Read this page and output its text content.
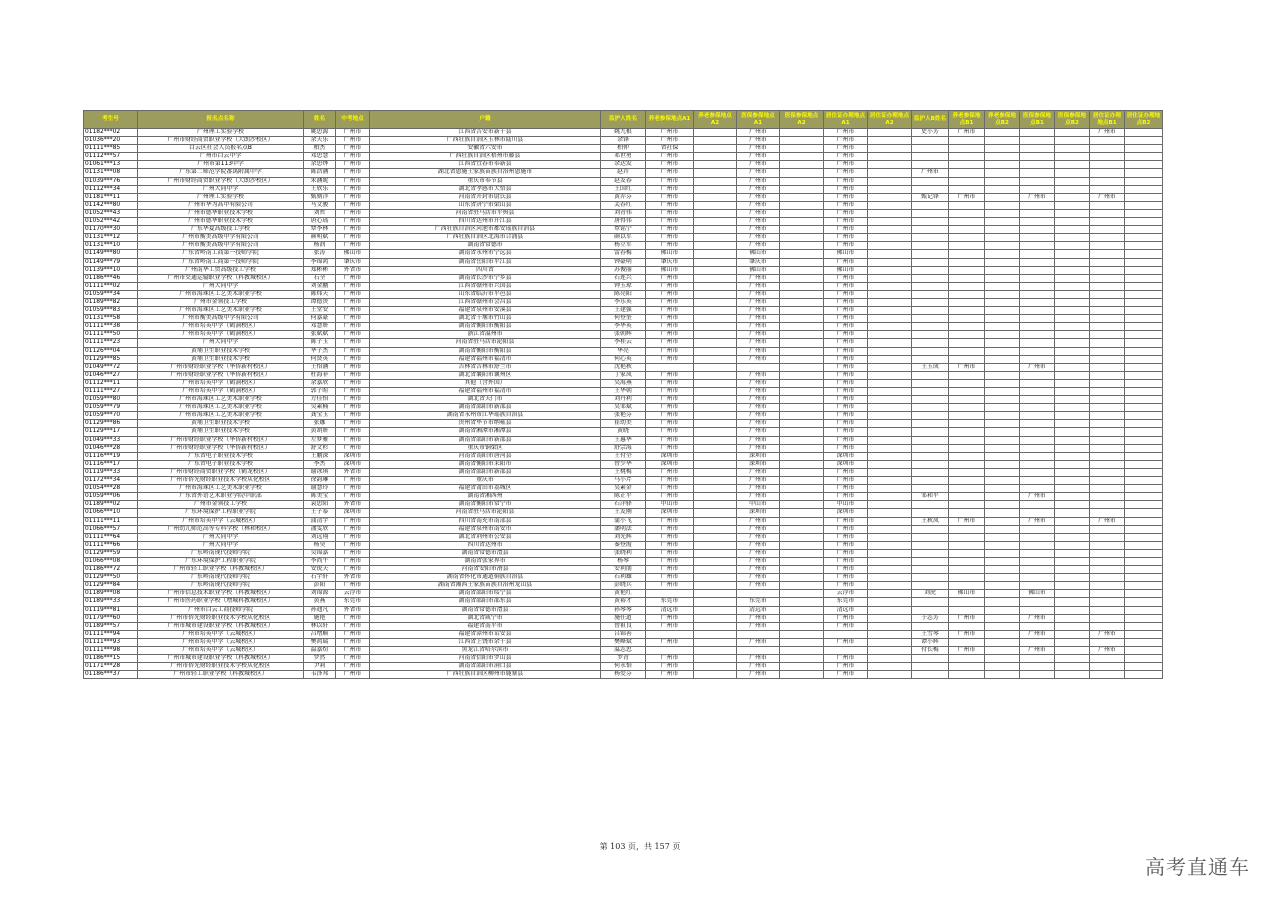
考生号	报名点名称	姓名	中考地点	户籍	监护人姓名	养老参保地点A1	养老参保地点A2	医保参保地点A1	医保参保地点A2	居住证办理地点A1	居住证办理地点A2	监护人B姓名	养老参保地点B1	养老参保地点B2	医保参保地点B1	医保参保地点B2	居住证办理地点B1	居住证办理地点B2
01182***02	广州理工实验学校	姚思源	广州市	江西省吉安市新干县	姚九根	广州市		广州市		广州市		史小芳	广州市				广州市	
01036***20	广州市财经商贸职业学校（大朗沙校区）	余天乐	广州市	广西壮族自治区玉林市陆川县	余锋	广州市		广州市		广州市								
01111***85	白云区社会人员报名点B	柏杰	广州市	安徽省六安市	柏仲	省社保		广州市		广州市								
01112***57	广州市白云中学	邓思慧	广州市	广西壮族自治区梧州市藤县	邓世勇	广州市		广州市		广州市								
01061***13	广州市第113中学	余思烨	广州市	江西省宜春市奉新县	余达发	广州市		广州市		广州市								
01131***08	广东第二师范学院番禺附属中学	陈浩涵	广州市	湖北省恩施土家族苗族自治州恩施市	赵卉	广州市		广州市		广州市		广州市						
01039***76	广州市财经商贸职业学校（大朗沙校区）	朱涵妮	广州市	重庆市奉节县	赵友春	广州市		广州市		广州市								
01112***34	广州大同中学	王欣乐	广州市	湖北省孝感市大悟县	王国红	广州市		广州市		广州市								
01181***11	广州理工实验学校	甄刻洋	广州市	河南省开封市尉氏县	黄乔芬	广州市		广州市		广州市		甄记锋	广州市		广州市		广州市	
01142***80	广州市华为高中有限公司	马文骏	广州市	山东省济宁市梁山县	关春红	广州市		广州市		广州市								
01052***43	广州市德华职业技术学校	刘哲	广州市	河南省驻马店市平舆县	刘青伟	广州市		广州市		广州市								
01052***42	广州市德华职业技术学校	唐心瑶	广州市	四川省达州市开江县	唐得伟	广州市		广州市		广州市								
01170***30	广东华夏高级技工学校	覃李林	广州市	广西壮族自治区河池市都安瑶族自治县	覃铭宁	广州市		广州市		广州市								
01131***12	广州市衡美高级中学有限公司	颜明斌	广州市	广西壮族自治区北海市合浦县	颜以军	广州市		广州市		广州市								
01131***10	广州市衡美高级中学有限公司	杨润	广州市	湖南省常德市	杨立军	广州市		广州市		广州市								
01149***80	广东省岭南工商第一技师学院	张涛	佛山市	湖南省永州市宁远县	雷春梅	佛山市		佛山市		佛山市								
01149***79	广东省岭南工商第一技师学院	李锦鸿	肇庆市	湖南省岳阳市平江县	钟豪明	肇庆市		肇庆市		广州市								
01139***10	广州南华工贸高级技工学校	郑彬彬	外省市	四川省	苏俊丽	佛山市		佛山市		佛山市								
01186***46	广州市交通运输职业学校（科教城校区）	石全	广州市	湖南省长沙市宁乡县	石连兴	广州市		广州市		广州市								
01111***02	广州大同中学	刘金鹏	广州市	江西省赣州市兴国县	钟玉琼	广州市		广州市		广州市								
01059***34	广州市海珠区工艺美术职业学校	陈炜天	广州市	山东省临沂市平邑县	陈亮阳	广州市		广州市		广州市								
01189***82	广州市金领技工学校	谭德贵	广州市	江西省赣州市会昌县	李乐英	广州市		广州市		广州市								
01059***83	广州市海珠区工艺美术职业学校	王堂安	广州市	福建省泉州市安溪县	王建强	广州市		广州市		广州市								
01131***58	广州市衡美高级中学有限公司	何嘉豪	广州市	湖北省十堰市竹山县	何登奎	广州市		广州市		广州市								
01111***38	广州市培英中学（鹤洞校区）	邓慧妍	广州市	湖南省衡阳市衡阳县	李华英	广州市		广州市		广州市								
01111***50	广州市培英中学（鹤洞校区）	张斌斌	广州市	浙江省温州市	张朝辉	广州市		广州市		广州市								
01111***23	广州大同中学	陈子玉	广州市	河南省驻马店市泌阳县	李桂云	广州市		广州市		广州市								
01126***04	黄埔卫生职业技术学校	华子杰	广州市	湖南省衡阳市衡阳县	华亮	广州市		广州市		广州市								
01129***85	黄埔卫生职业技术学校	何贤英	广州市	福建省福州市福清市	何心英	广州市		广州市		广州市								
01049***72	广州市财经职业学校（华侨新村校区）	王怡涵	广州市	吉林省吉林市舒兰市	沈艳秋					广州市		王玉成	广州市		广州市			
01046***27	广州市财经职业学校（华侨新村校区）	杜海菲	广州市	湖北省襄阳市襄州区	丁家凤	广州市		广州市		广州市								
01112***11	广州市培英中学（鹤洞校区）	余嘉欣	广州市	其他（含外国）	吴海燕	广州市		广州市		广州市								
01111***27	广州市培英中学（鹤洞校区）	郭子暄	广州市	福建省福州市福清市	王华朝	广州市		广州市		广州市								
01059***80	广州市海珠区工艺美术职业学校	方佳怡	广州市	湖北省天门市	刘丹利	广州市		广州市		广州市								
01059***79	广州市海珠区工艺美术职业学校	吴素楠	广州市	湖南省邵阳市新邵县	吴邹斌	广州市		广州市		广州市								
01059***70	广州市海珠区工艺美术职业学校	龚宝玉	广州市	湖南省永州市江华瑶族自治县	张艳芬	广州市		广州市		广州市								
01129***86	黄埔卫生职业技术学校	张娜	广州市	贵州省毕节市纳雍县	崔幼美	广州市		广州市		广州市								
01129***17	黄埔卫生职业技术学校	黄胡妍	广州市	湖南省湘潭市湘潭县	黄晓	广州市		广州市		广州市								
01049***33	广州市财经职业学校（华侨新村校区）	左梦雅	广州市	湖南省邵阳市新邵县	王惠华	广州市		广州市		广州市								
01046***28	广州市财经职业学校（华侨新村校区）	舒文杉	广州市	重庆市铜梁区	舒宗海	广州市		广州市		广州市								
01116***19	广东省电子职业技术学校	王鹏深	深圳市	河南省南阳市唐河县	王付全	深圳市		深圳市		深圳市								
01116***17	广东省电子职业技术学校	李杰	深圳市	湖南省衡阳市耒阳市	曾少华	深圳市		深圳市		深圳市								
01119***33	广州市财经商贸职业学校（鹤龙校区）	谢冰琪	外省市	湖南省邵阳市新邵县	王桃梅	广州市		广州市		广州市								
01172***34	广州市侨光财经职业技术学校从化校区	徐韵琳	广州市	重庆市	马小芹	广州市		广州市		广州市								
01054***28	广州市海珠区工艺美术职业学校	谢慧玲	广州市	福建省莆田市荔城区	吴素金	广州市		广州市		广州市								
01059***06	广东省外语艺术职业学院中职部	陈美宝	广州市	湖南省湘西州	陈正平	广州市		广州市		广州市		邹和平			广州市			
01189***02	广州市金领技工学校	袁思阳	外省市	湖南省衡阳市常宁市	石洋驿	中山市		中山市		中山市								
01066***10	广东环境保护工程职业学院	王子泰	深圳市	河南省驻马店市泌阳县	王友刚	深圳市		深圳市		深圳市								
01111***11	广州市培英中学（云城校区）	蒲清宇	广州市	四川省南充市南部县	蒲小飞	广州市		广州市		广州市		王秋凤	广州市		广州市		广州市	
01066***57	广州幼儿师范高等专科学校（林和校区）	潘雯欣	广州市	福建省泉州市南安市	潘明法	广州市		广州市		广州市								
01111***64	广州大同中学	刘远翔	广州市	湖北省荆州市公安县	刘光辉	广州市		广州市		广州市								
01111***66	广州大同中学	杨昊	广州市	四川省达州市	秦登霞	广州市		广州市		广州市								
01129***59	广东岭南现代技师学院	吴锦嘉	广州市	湖南省常德市澧县	张晓利	广州市		广州市		广州市								
01066***08	广东环境保护工程职业学院	李尚午	广州市	湖南省张家界市	杨琴	广州市		广州市		广州市								
01186***72	广州市轻工职业学校（科教城校区）	安锐天	广州市	河南省安阳市滑县	安利朋	广州市		广州市		广州市								
01129***50	广东岭南现代技师学院	石宇轩	外省市	湖南省怀化市通道侗族自治县	石利雄	广州市		广州市		广州市								
01129***84	广东岭南现代技师学院	彭阳	广州市	湖南省湘西土家族苗族自治州龙山县	彭晓兵	广州市		广州市		广州市								
01189***08	广州市信息技术职业学校（科教城校区）	刘锦源	云浮市	湖南省邵阳市绥宁县	黄艳红					云浮市		刘虎	佛山市		佛山市			
01189***33	广州市医药职业学校（增城科教城校区）	黄燕	东莞市	湖南省邵阳市邵东县	黄裕才	东莞市		东莞市		东莞市								
01119***81	广州市白云工商技师学院	孙迪凡	外省市	湖南省常德市澧县	孙琴琴	清远市		清远市		清远市								
01179***60	广州市侨光财经职业技术学校从化校区	施艳	广州市	湖北省咸宁市	施任道	广州市		广州市		广州市		于志芳	广州市		广州市			
01189***57	广州市城市建设职业学校（科教城校区）	林以轩	广州市	福建省南平市	曾祖良	广州市		广州市		广州市								
01111***94	广州市培英中学（云城校区）	吕增顺	广州市	福建省漳州市诏安县	吕锦善							王雪琴	广州市		广州市		广州市	
01111***93	广州市培英中学（云城校区）	樊鸿瑞	广州市	江西省上饶市余干县	樊峰斌	广州市		广州市		广州市		谭小辉						
01111***98	广州市培英中学（云城校区）	温嘉煊	广州市	黑龙江省哈尔滨市	温志忠							付长梅	广州市		广州市		广州市	
01186***15	广州市城市建设职业学校（科教城校区）	罗然	广州市	河南省信阳市罗山县	罗青	广州市		广州市		广州市								
01171***28	广州市侨光财经职业技术学校从化校区	尹莉	广州市	湖南省邵阳市洞口县	何永怡	广州市		广州市		广州市								
01186***37	广州市轻工职业学校（科教城校区）	韦泽邦	广州市	广西壮族自治区柳州市鹿寨县	杨爱芬	广州市		广州市		广州市								
第 103 页，共 157 页
高考直通车
